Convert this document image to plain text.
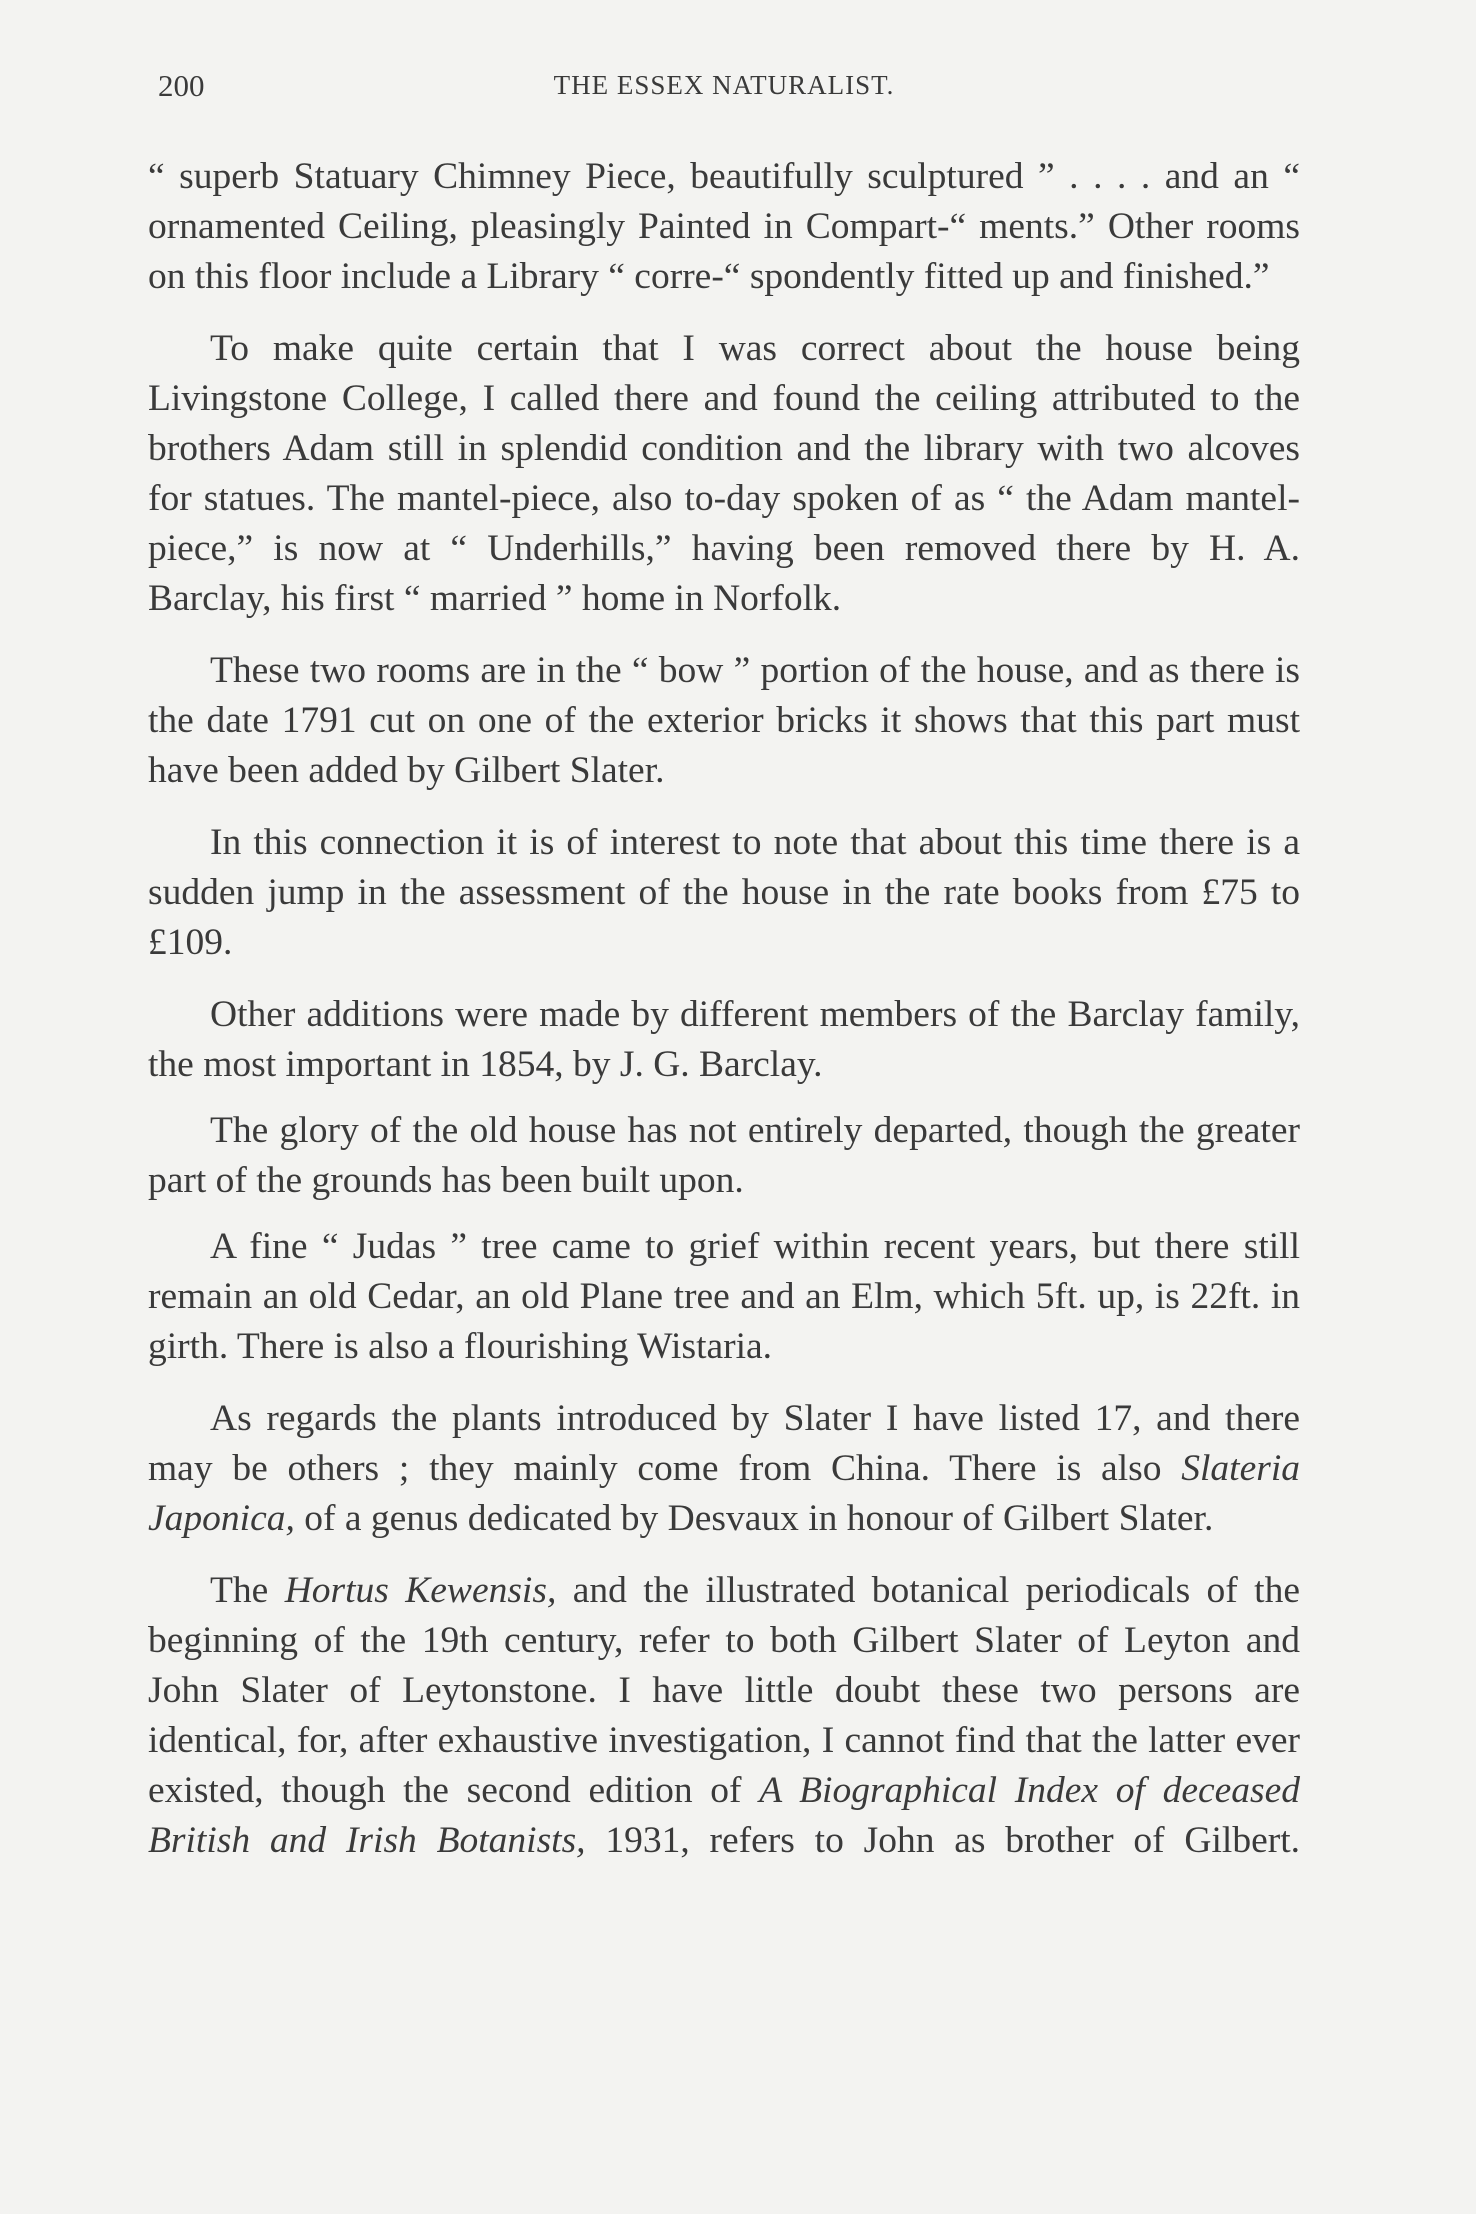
200	THE ESSEX NATURALIST.

“ superb Statuary Chimney Piece, beautifully sculptured ” . . . . and an “ ornamented Ceiling, pleasingly Painted in Compart-“ ments.” Other rooms on this floor include a Library “ corre-“ spondently fitted up and finished.”

To make quite certain that I was correct about the house being Livingstone College, I called there and found the ceiling attributed to the brothers Adam still in splendid condition and the library with two alcoves for statues. The mantel-piece, also to-day spoken of as “ the Adam mantel-piece,” is now at “ Underhills,” having been removed there by H. A. Barclay, his first “ married ” home in Norfolk.

These two rooms are in the “ bow ” portion of the house, and as there is the date 1791 cut on one of the exterior bricks it shows that this part must have been added by Gilbert Slater.

In this connection it is of interest to note that about this time there is a sudden jump in the assessment of the house in the rate books from £75 to £109.

Other additions were made by different members of the Barclay family, the most important in 1854, by J. G. Barclay.

The glory of the old house has not entirely departed, though the greater part of the grounds has been built upon.

A fine “ Judas ” tree came to grief within recent years, but there still remain an old Cedar, an old Plane tree and an Elm, which 5ft. up, is 22ft. in girth. There is also a flourishing Wistaria.

As regards the plants introduced by Slater I have listed 17, and there may be others ; they mainly come from China. There is also Slateria Japonica, of a genus dedicated by Desvaux in honour of Gilbert Slater.

The Hortus Kewensis, and the illustrated botanical periodicals of the beginning of the 19th century, refer to both Gilbert Slater of Leyton and John Slater of Leytonstone. I have little doubt these two persons are identical, for, after exhaustive investigation, I cannot find that the latter ever existed, though the second edition of A Biographical Index of deceased British and Irish Botanists, 1931, refers to John as brother of Gilbert.
